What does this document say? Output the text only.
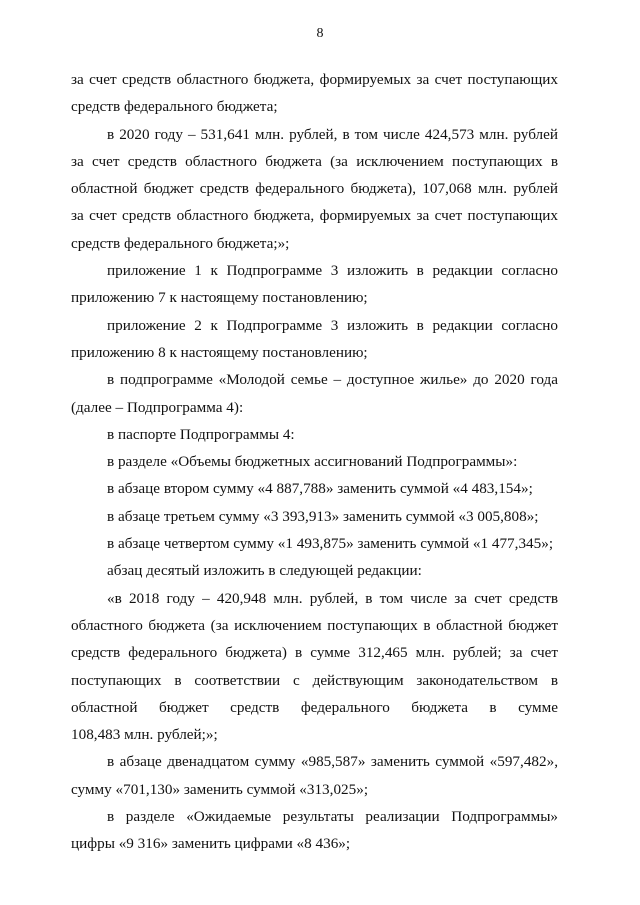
8
за счет средств областного бюджета, формируемых за счет поступающих
средств федерального бюджета;
в 2020 году – 531,641 млн. рублей, в том числе 424,573 млн. рублей
за счет средств областного бюджета (за исключением поступающих в
областной бюджет средств федерального бюджета), 107,068 млн. рублей
за счет средств областного бюджета, формируемых за счет поступающих
средств федерального бюджета;»;
приложение 1 к Подпрограмме 3 изложить в редакции согласно
приложению 7 к настоящему постановлению;
приложение 2 к Подпрограмме 3 изложить в редакции согласно
приложению 8 к настоящему постановлению;
в подпрограмме «Молодой семье – доступное жилье» до 2020 года
(далее – Подпрограмма 4):
в паспорте Подпрограммы 4:
в разделе «Объемы бюджетных ассигнований Подпрограммы»:
в абзаце втором сумму «4 887,788» заменить суммой «4 483,154»;
в абзаце третьем сумму «3 393,913» заменить суммой «3 005,808»;
в абзаце четвертом сумму «1 493,875» заменить суммой «1 477,345»;
абзац десятый изложить в следующей редакции:
«в 2018 году – 420,948 млн. рублей, в том числе за счет средств
областного бюджета (за исключением поступающих в областной бюджет
средств федерального бюджета) в сумме 312,465 млн. рублей; за счет
поступающих в соответствии с действующим законодательством в
областной бюджет средств федерального бюджета в сумме
108,483 млн. рублей;»;
в абзаце двенадцатом сумму «985,587» заменить суммой «597,482»,
сумму «701,130» заменить суммой «313,025»;
в разделе «Ожидаемые результаты реализации Подпрограммы»
цифры «9 316» заменить цифрами «8 436»;
